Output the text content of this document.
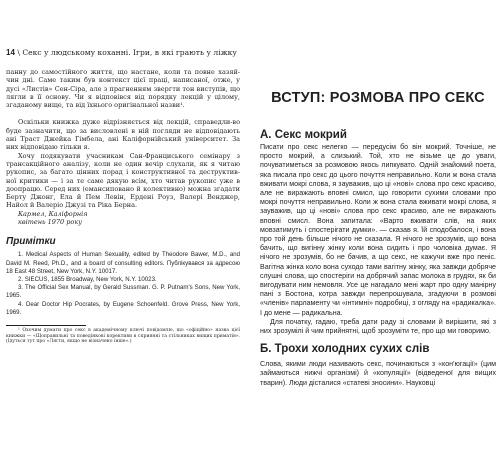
14 \ Секс у людському коханні. Ігри, в які грають у ліжку

панну до самостійного життя, що настане, коли та повне хазяй-чин дні. Саме таким був контекст цієї праці, написаної, отже, у дусі «Листів» Сен-Сіра, але з прагненням звергти тон виступів, що лягли в її основу. Чи я відповівся від порядку лекцій у цілому, згаданому вище, та від їхнього оригінальної назви¹.

Оскільки книжка дуже відрізняється від лекцій, справедли-во буде зазначити, що за висловлені в ній погляди не відповідають ані Траст Джейка Гімбела, ані Каліфорнійський університет. За них відповідаю тільки я.

Хочу подякувати учасникам Сан-Франциського семінару з трансакційного аналізу, коли не один вечір слухали, як я читаю рукопис, за багато цінних порад і конструктивної та деструктив-ної критики — і за те саме дякую всім, хто читав рукопис уже в доопрацю. Серед них (емансиповано й колективно) можна згадати Берту Джонг, Ела й Пем Левін, Ердені Роуз, Валері Венджер, Найол й Валеріо Джузі та Ріка Берна.

Кармел, Каліфорнія

квітень 1970 року

Примітки

1. Medical Aspects of Human Sexuality, edited by Theodore Bawer, M.D., and David M. Reed, Ph.D., and a board of consulting editors. Публікувався за адресою 18 East 48 Street, New York, N.Y. 10017.

2. SIECUS, 1855 Broadway, New York, N.Y. 10023.

3. The Official Sex Manual, by Gerald Sussman. G. P. Putnam's Sons, New York, 1965.

4. Dear Doctor Hip Pocrates, by Eugene Schoenfeld. Grove Press, New York, 1969.

¹ Охочим думати про секс в академічному ключі повідомлю, що «офіційно» назва цієї книжки — «Щоправильні та поведінкові корективи в сприянні та стільниках вищих приматів». (Ідуться тут про «Лягти, якщо не візначено інше».)

ВСТУП: РОЗМОВА ПРО СЕКС
А. Секс мокрий

Писати про секс нелегко — передусім бо він мокрий. Точніше, не просто мокрий, а слизький. Той, хто не візьме це до уваги, почуватиметься за розмовою якось липкувато. Одній знайомий поета, яка писала про секс до цього почуття неправильно. Коли ж вона стала вживати мокрі слова, я зауважив, що ці «нові» слова про секс красиво, але не виражають вповні смисл, що говорити сухими словами про мокрі почуття неправильно. Коли ж вона стала вживати мокрі слова, я зауважив, що ці «нові» слова про секс красиво, але не виражають вповні смисл. Вона запитала: «Варто вживати слів, на яких мовзатимуть і спостерігати думки». — сказав я. Їй сподобалося, і вона про той день більше нічого не сказала. Я нічого не зрозумів, що вона бачить, що вигінну жінку коли вона сидить і про чоловіка думає. Я нічого не зрозумів, бо не бачив, а що секс, не кажучи вже про пеніс. Вагітна жінка коло вона суходо тами вагітну жінку, яка завжди добряче слушні слова, що спостеріги на добрячий запас молока в грудях, як би вигодувати ним немовля. Усе це нагадало мені жарт про одну манірну пані з Бостона, котра завжди перепрошувала, згадуючи в розмові «членів» парламенту чи «інтимні» подробиці, з огляду на «радикалка». І до мене — радикальна.

Для початку, гадаю, треба дати раду зі словами й вирішити, які з них зрозумілі й чим прийнятні, щоб зрозуміти те, про що ми говоримо.

Б. Трохи холодних сухих слів

Слова, якими люди називають секс, починаються з «кон'югації» (цим займаються нижчі організмі) й «копуляції» (відведеної для вищих тварин). Люди дісталися «статеві зносини». Науковці
